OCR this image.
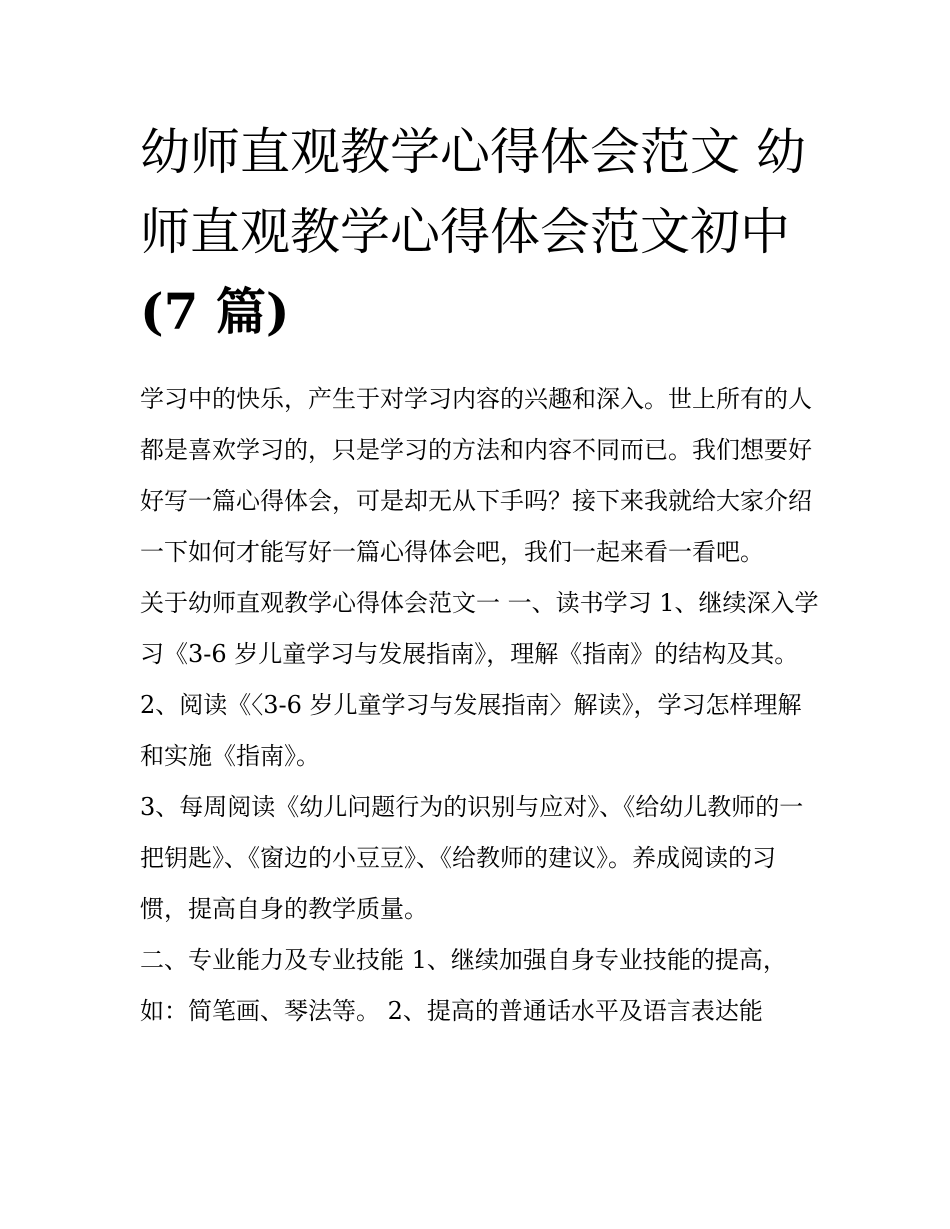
幼师直观教学心得体会范文 幼师直观教学心得体会范文初中
(7 篇)

学习中的快乐，产生于对学习内容的兴趣和深入。世上所有的人都是喜欢学习的，只是学习的方法和内容不同而已。我们想要好好写一篇心得体会，可是却无从下手吗？接下来我就给大家介绍一下如何才能写好一篇心得体会吧，我们一起来看一看吧。

关于幼师直观教学心得体会范文一 一、读书学习 1、继续深入学习《3-6 岁儿童学习与发展指南》，理解《指南》的结构及其。

2、阅读《〈3-6 岁儿童学习与发展指南〉解读》，学习怎样理解和实施《指南》。

3、每周阅读《幼儿问题行为的识别与应对》、《给幼儿教师的一把钥匙》、《窗边的小豆豆》、《给教师的建议》。养成阅读的习惯，提高自身的教学质量。

二、专业能力及专业技能 1、继续加强自身专业技能的提高，如：简笔画、琴法等。 2、提高的普通话水平及语言表达能
